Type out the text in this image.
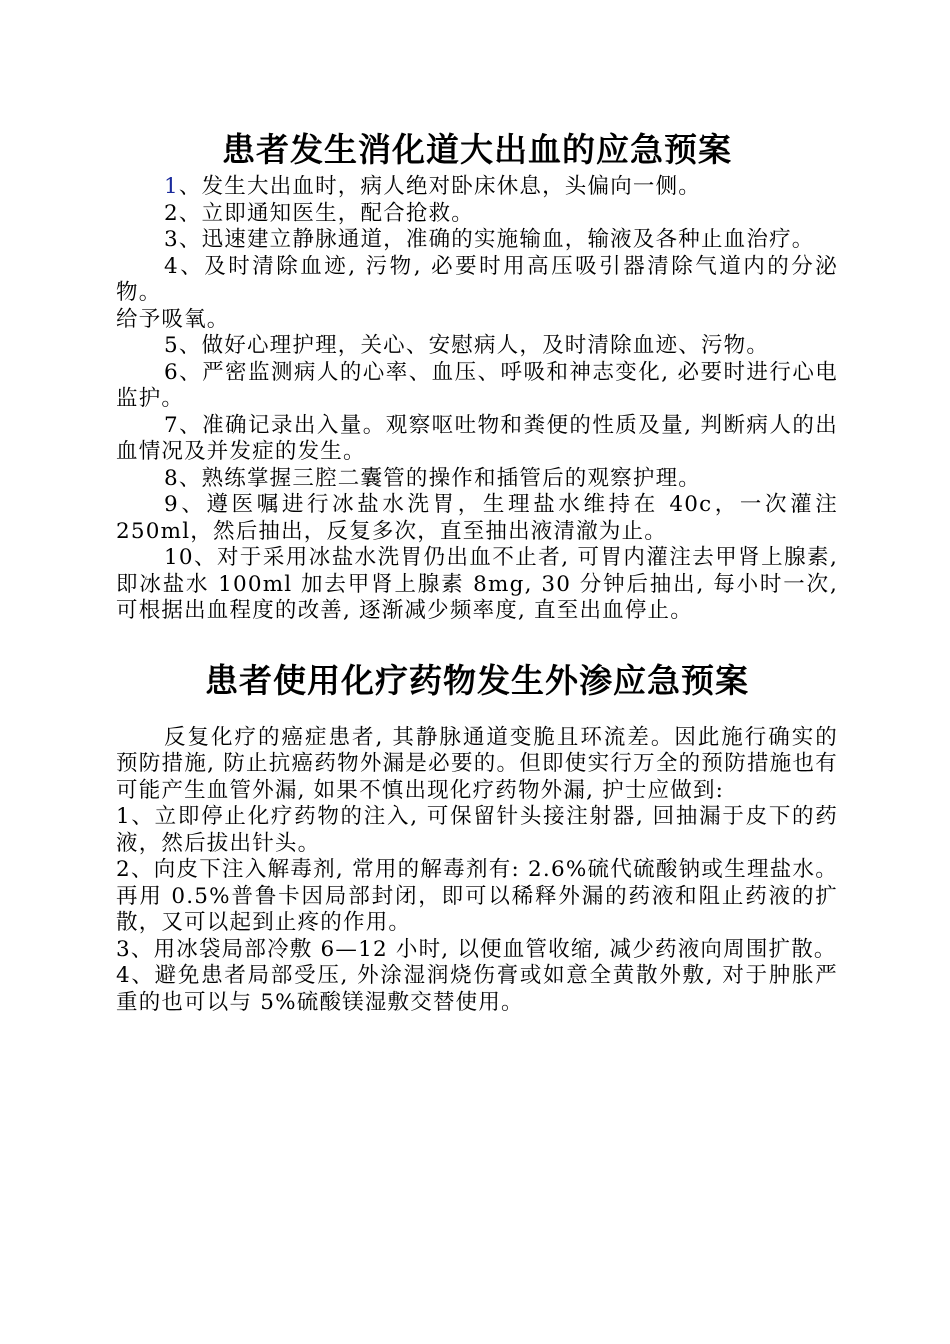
患者发生消化道大出血的应急预案

1、发生大出血时，病人绝对卧床休息，头偏向一侧。

2、立即通知医生，配合抢救。

3、迅速建立静脉通道，准确的实施输血，输液及各种止血治疗。

4、及时清除血迹, 污物, 必要时用高压吸引器清除气道内的分泌物。

给予吸氧。

5、做好心理护理，关心、安慰病人，及时清除血迹、污物。

6、严密监测病人的心率、血压、呼吸和神志变化, 必要时进行心电监护。

7、准确记录出入量。观察呕吐物和粪便的性质及量, 判断病人的出血情况及并发症的发生。

8、熟练掌握三腔二囊管的操作和插管后的观察护理。

9、遵医嘱进行冰盐水洗胃，生理盐水维持在 40c，一次灌注250ml，然后抽出，反复多次，直至抽出液清澈为止。

10、对于采用冰盐水洗胃仍出血不止者, 可胃内灌注去甲肾上腺素, 即冰盐水 100ml 加去甲肾上腺素 8mg, 30 分钟后抽出, 每小时一次, 可根据出血程度的改善, 逐渐减少频率度, 直至出血停止。

患者使用化疗药物发生外渗应急预案

反复化疗的癌症患者, 其静脉通道变脆且环流差。因此施行确实的预防措施, 防止抗癌药物外漏是必要的。但即使实行万全的预防措施也有可能产生血管外漏, 如果不慎出现化疗药物外漏, 护士应做到:

1、立即停止化疗药物的注入, 可保留针头接注射器, 回抽漏于皮下的药液，然后拔出针头。

2、向皮下注入解毒剂, 常用的解毒剂有: 2.6%硫代硫酸钠或生理盐水。再用 0.5%普鲁卡因局部封闭，即可以稀释外漏的药液和阻止药液的扩散，又可以起到止疼的作用。

3、用冰袋局部冷敷 6—12 小时, 以便血管收缩, 减少药液向周围扩散。

4、避免患者局部受压, 外涂湿润烧伤膏或如意全黄散外敷, 对于肿胀严重的也可以与 5%硫酸镁湿敷交替使用。
